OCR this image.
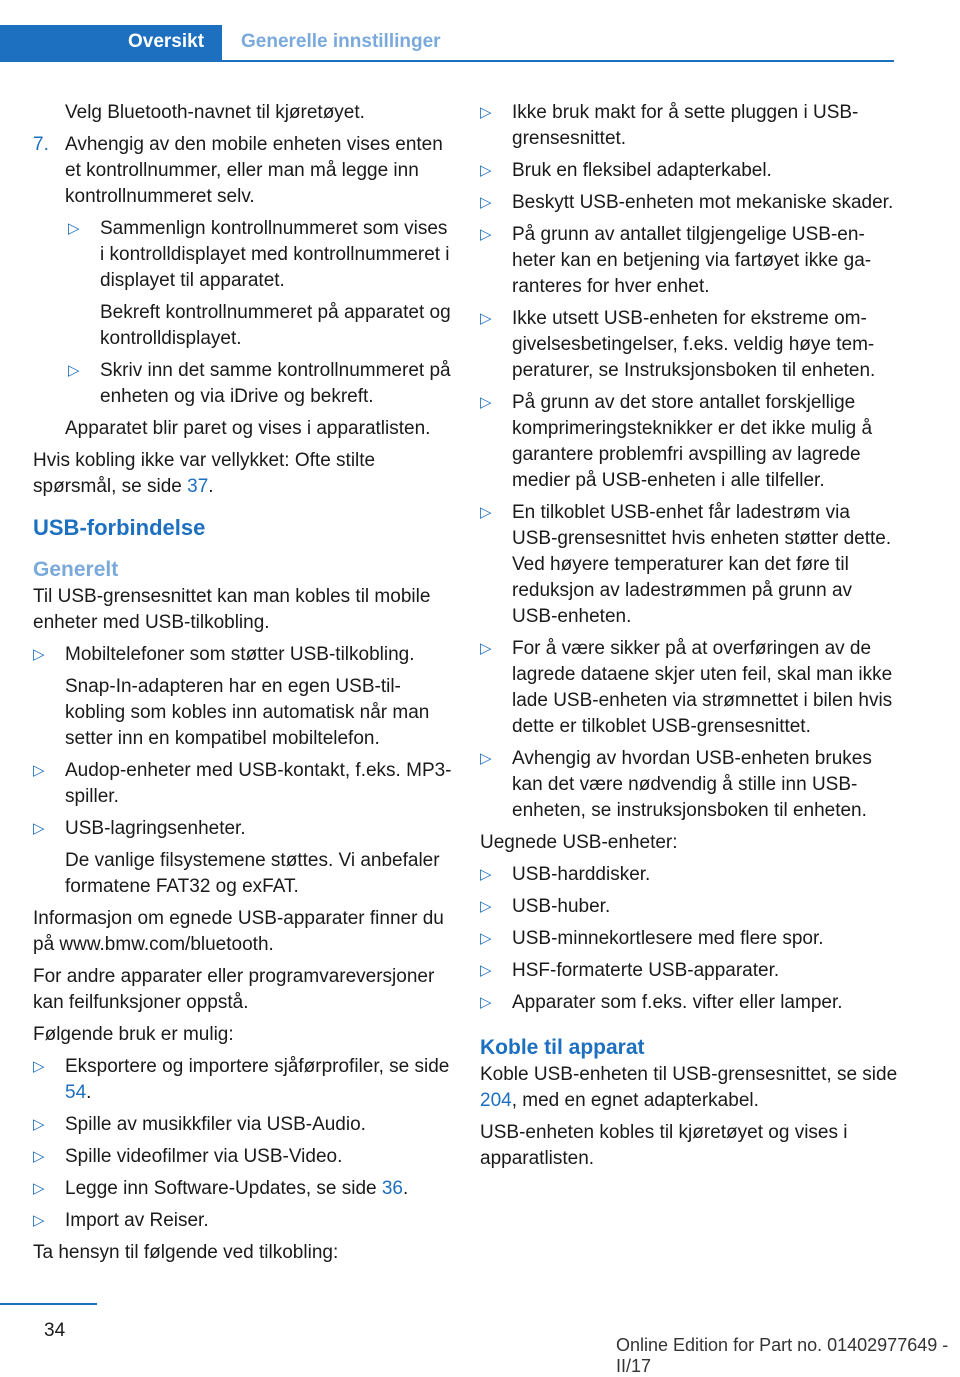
Oversikt Generelle innstillinger

Velg Bluetooth-navnet til kjøretøyet.

7. Avhengig av den mobile enheten vises enten et kontrollnummer, eller man må legge inn kontrollnummeret selv.
▷ Sammenlign kontrollnummeret som vises i kontrolldisplayet med kontrollnummeret i displayet til apparatet.

Bekreft kontrollnummeret på apparatet og kontrolldisplayet.

▷ Skriv inn det samme kontrollnummeret på enheten og via iDrive og bekreft.

Apparatet blir paret og vises i apparatlisten.

Hvis kobling ikke var vellykket: Ofte stilte spørsmål, se side 37.

USB-forbindelse
Generelt

Til USB-grensesnittet kan man kobles til mobile enheter med USB-tilkobling.

▷ Mobiltelefoner som støtter USB-tilkobling.

Snap-In-adapteren har en egen USB-tilkobling som kobles inn automatisk når man setter inn en kompatibel mobiltelefon.

▷ Audop-enheter med USB-kontakt, f.eks. MP3-spiller.
▷ USB-lagringsenheter.

De vanlige filsystemene støttes. Vi anbefaler formatene FAT32 og exFAT.

Informasjon om egnede USB-apparater finner du på www.bmw.com/bluetooth.

For andre apparater eller programvareversjoner kan feilfunksjoner oppstå.

Følgende bruk er mulig:

▷ Eksportere og importere sjåførprofiler, se side 54.
▷ Spille av musikkfiler via USB-Audio.
▷ Spille videofilmer via USB-Video.
▷ Legge inn Software-Updates, se side 36.
▷ Import av Reiser.

Ta hensyn til følgende ved tilkobling:

▷ Ikke bruk makt for å sette pluggen i USB-grensesnittet.
▷ Bruk en fleksibel adapterkabel.
▷ Beskytt USB-enheten mot mekaniske skader.
▷ På grunn av antallet tilgjengelige USB-enheter kan en betjening via fartøyet ikke garanteres for hver enhet.
▷ Ikke utsett USB-enheten for ekstreme omgivelsesbetingelser, f.eks. veldig høye temperaturer, se Instruksjonsboken til enheten.
▷ På grunn av det store antallet forskjellige komprimeringsteknikker er det ikke mulig å garantere problemfri avspilling av lagrede medier på USB-enheten i alle tilfeller.
▷ En tilkoblet USB-enhet får ladestrøm via USB-grensesnittet hvis enheten støtter dette. Ved høyere temperaturer kan det føre til reduksjon av ladestrømmen på grunn av USB-enheten.
▷ For å være sikker på at overføringen av de lagrede dataene skjer uten feil, skal man ikke lade USB-enheten via strømnettet i bilen hvis dette er tilkoblet USB-grensesnittet.
▷ Avhengig av hvordan USB-enheten brukes kan det være nødvendig å stille inn USB-enheten, se instruksjonsboken til enheten.

Uegnede USB-enheter:

▷ USB-harddisker.
▷ USB-huber.
▷ USB-minnekortlesere med flere spor.
▷ HSF-formaterte USB-apparater.
▷ Apparater som f.eks. vifter eller lamper.
Koble til apparat

Koble USB-enheten til USB-grensesnittet, se side 204, med en egnet adapterkabel.

USB-enheten kobles til kjøretøyet og vises i apparatlisten.

34
Online Edition for Part no. 01402977649 - II/17
